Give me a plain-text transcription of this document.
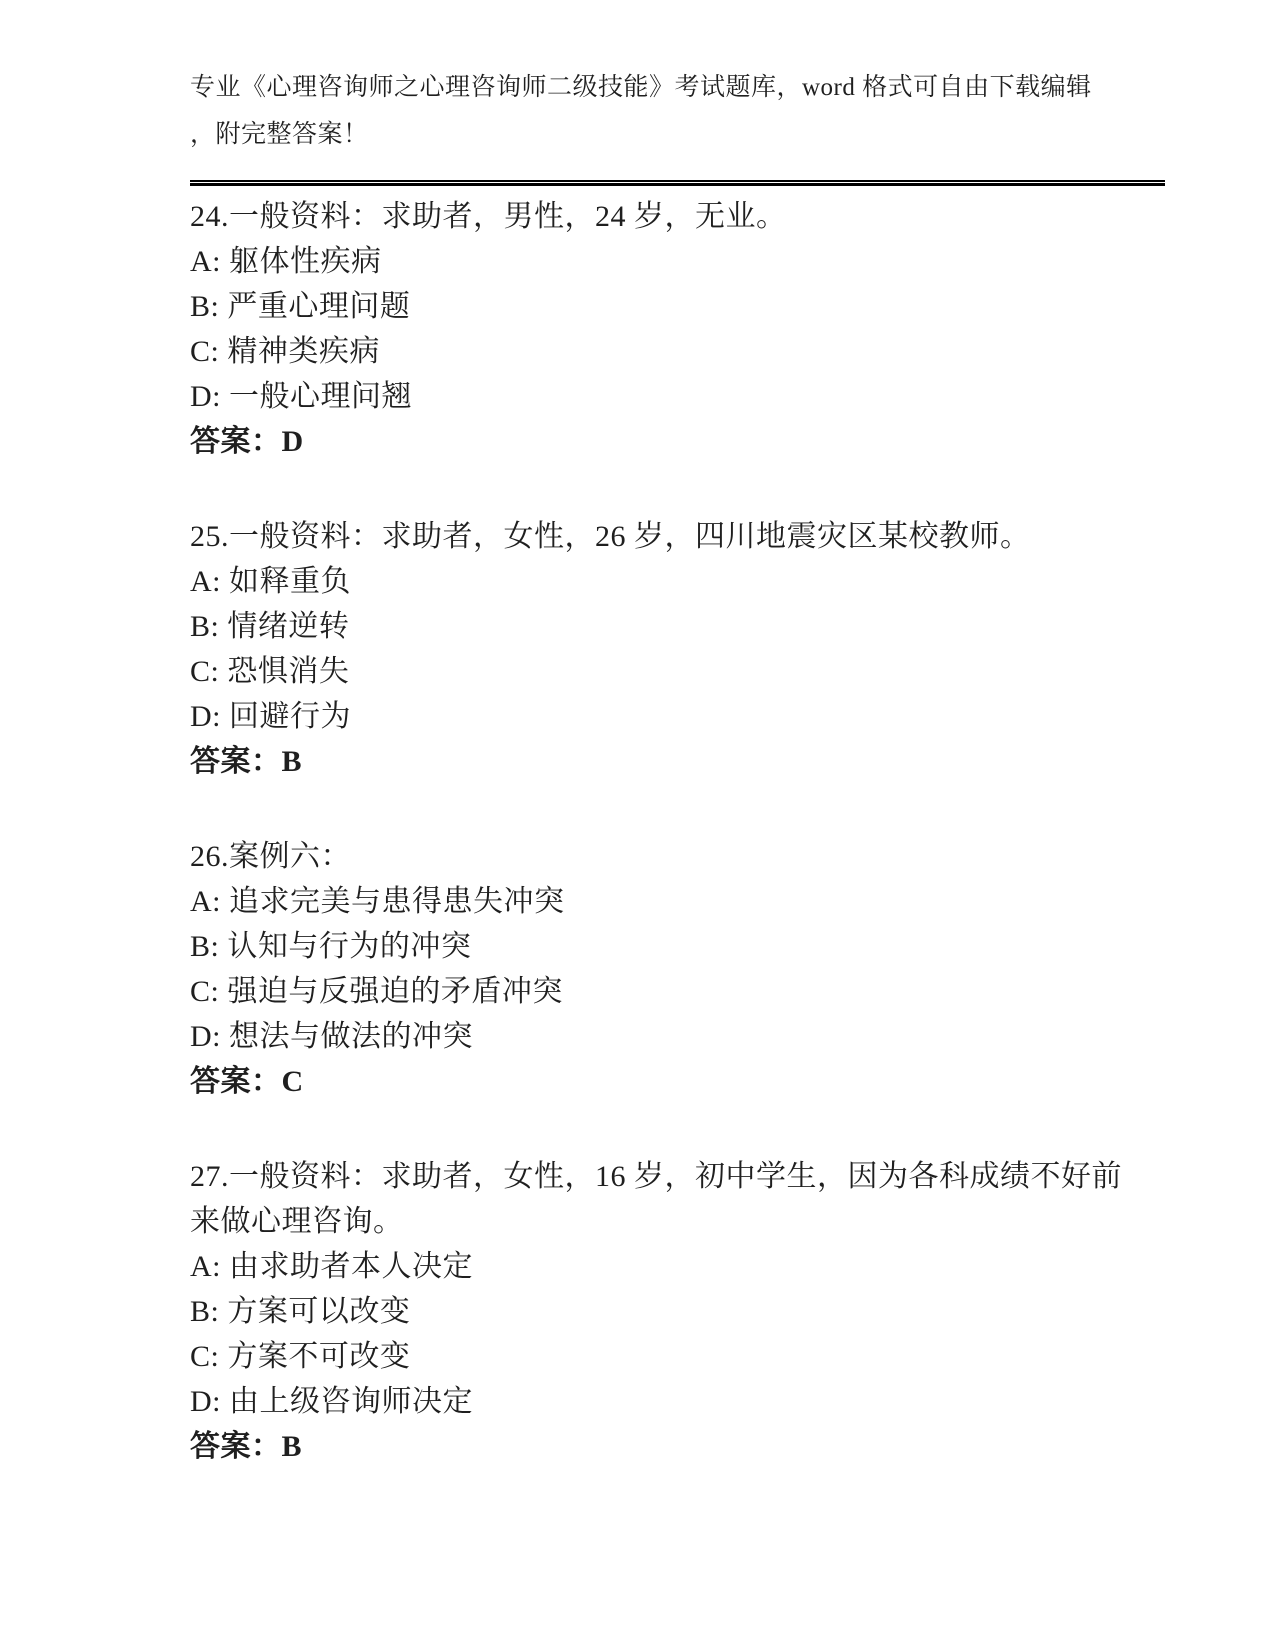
专业《心理咨询师之心理咨询师二级技能》考试题库，word 格式可自由下载编辑
，附完整答案！
24.一般资料：求助者，男性，24 岁，无业。
A: 躯体性疾病
B: 严重心理问题
C: 精神类疾病
D: 一般心理问翘
答案：D
25.一般资料：求助者，女性，26 岁，四川地震灾区某校教师。
A: 如释重负
B: 情绪逆转
C: 恐惧消失
D: 回避行为
答案：B
26.案例六：
A: 追求完美与患得患失冲突
B: 认知与行为的冲突
C: 强迫与反强迫的矛盾冲突
D: 想法与做法的冲突
答案：C
27.一般资料：求助者，女性，16 岁，初中学生，因为各科成绩不好前
来做心理咨询。
A: 由求助者本人决定
B: 方案可以改变
C: 方案不可改变
D: 由上级咨询师决定
答案：B
